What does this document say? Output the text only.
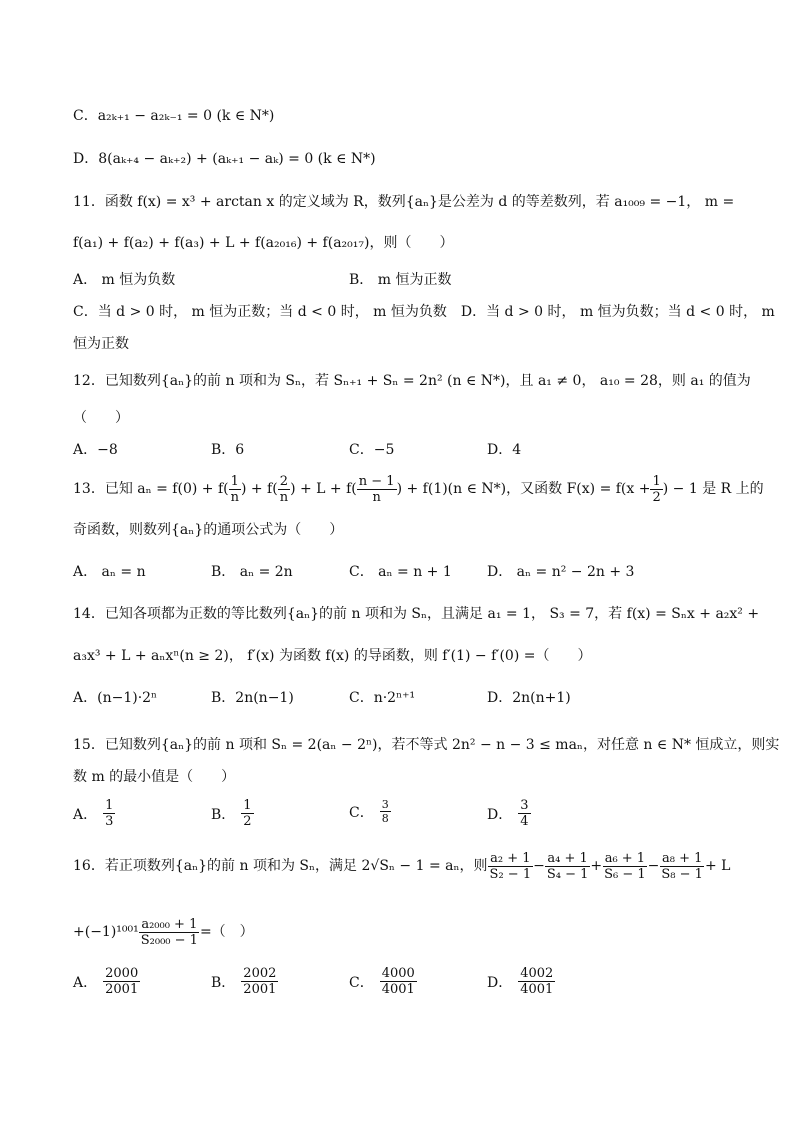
C．a₂ₖ₊₁ − a₂ₖ₋₁ = 0 (k ∈ N*)
D．8(aₖ₊₄ − aₖ₊₂) + (aₖ₊₁ − aₖ) = 0 (k ∈ N*)
11．函数 f(x) = x³ + arctan x 的定义域为 R，数列{aₙ}是公差为 d 的等差数列，若 a₁₀₀₉ = −1， m =
f(a₁) + f(a₂) + f(a₃) + L + f(a₂₀₁₆) + f(a₂₀₁₇)，则（　　）
A． m 恒为负数	B． m 恒为正数
C．当 d > 0 时， m 恒为正数；当 d < 0 时， m 恒为负数　D．当 d > 0 时， m 恒为负数；当 d < 0 时， m
恒为正数
12．已知数列{aₙ}的前 n 项和为 Sₙ，若 Sₙ₊₁ + Sₙ = 2n² (n ∈ N*)，且 a₁ ≠ 0， a₁₀ = 28，则 a₁ 的值为
（　　）
A．−8	B．6	C．−5	D．4
13．已知 $a_n = f(0) + f( \frac{1}{n}$ ) + $f( \frac{2}{n}$ ) + $L + f( \frac{n - 1}{n}$ ) + f(1)(n ∈ N*)，又函数 $F(x) = f(x + \frac{1}{2}$ ) − 1 是 R 上的
奇函数，则数列{aₙ}的通项公式为（　　）
A． aₙ = n	B． aₙ = 2n	C． aₙ = n + 1	D． aₙ = n² − 2n + 3
14．已知各项都为正数的等比数列{aₙ}的前 n 项和为 Sₙ，且满足 a₁ = 1， S₃ = 7，若 f(x) = Sₙx + a₂x² +
a₃x³ + L + aₙxⁿ(n ≥ 2)， f′(x) 为函数 f(x) 的导函数，则 f′(1) − f′(0) =（　　）
A．(n−1)·2ⁿ	B．2n(n−1)	C．n·2ⁿ⁺¹	D．2n(n+1)
15．已知数列{aₙ}的前 n 项和 Sₙ = 2(aₙ − 2ⁿ)，若不等式 2n² − n − 3 ≤ maₙ，对任意 n ∈ N* 恒成立，则实
数 m 的最小值是（　　）
A． $\frac{1}{3}$	B． $\frac{1}{2}$	C． $\frac{3}{8}$	D． $\frac{3}{4}$
16．若正项数列{aₙ}的前 n 项和为 Sₙ，满足 2√Sₙ − 1 = aₙ，则 $\frac{\text{a₂ + 1}}{\text{S₂ − 1}} - \frac{\text{a₄ + 1}}{\text{S₄ − 1}} + \frac{\text{a₆ + 1}}{\text{S₆ − 1}} - \frac{\text{a₈ + 1}}{\text{S₈ − 1}} + L$
$+(-1)^{1001} \frac{\text{a₂₀₀₀ + 1}}{\text{S₂₀₀₀ − 1}}$ =（　）
A． $\frac{2000}{2001}$	B． $\frac{2002}{2001}$	C． $\frac{4000}{4001}$	D． $\frac{4002}{4001}$
